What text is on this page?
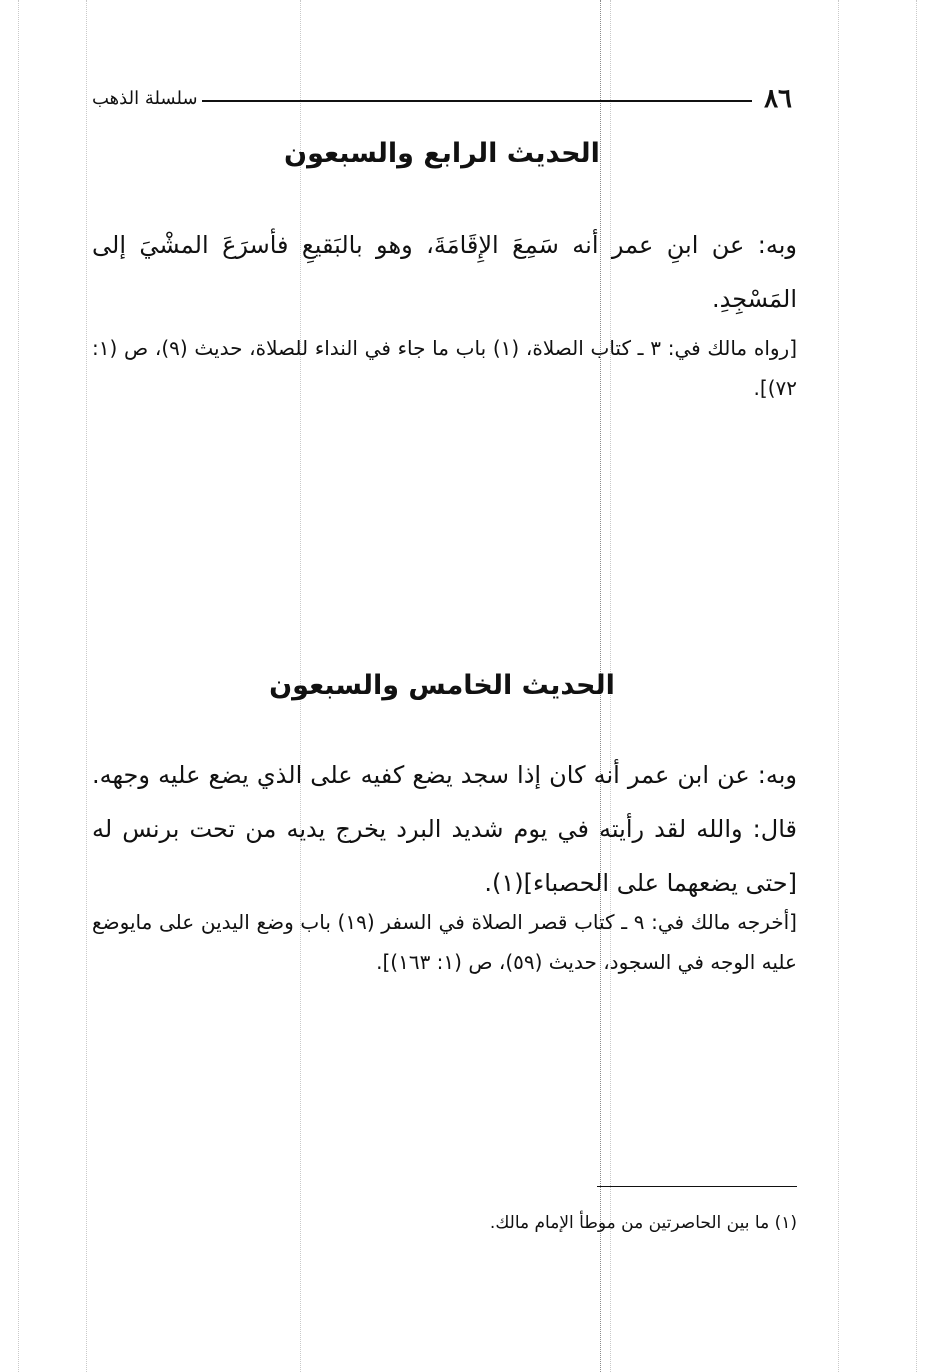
سلسلة الذهب	٨٦
الحديث الرابع والسبعون
وبه: عن ابنِ عمر أنه سَمِعَ الإِقَامَةَ، وهو بالبَقيعِ فأسرَعَ المشْيَ إلى المَسْجِدِ.
[رواه مالك في: ٣ ـ كتاب الصلاة، (١) باب ما جاء في النداء للصلاة، حديث (٩)، ص (١: ٧٢)].
الحديث الخامس والسبعون
وبه: عن ابن عمر أنه كان إذا سجد يضع كفيه على الذي يضع عليه وجهه. قال: والله لقد رأيته في يوم شديد البرد يخرج يديه من تحت برنس له [حتى يضعهما على الحصباء](١).
[أخرجه مالك في: ٩ ـ كتاب قصر الصلاة في السفر (١٩) باب وضع اليدين على مايوضع عليه الوجه في السجود، حديث (٥٩)، ص (١: ١٦٣)].
(١) ما بين الحاصرتين من موطأ الإمام مالك.
